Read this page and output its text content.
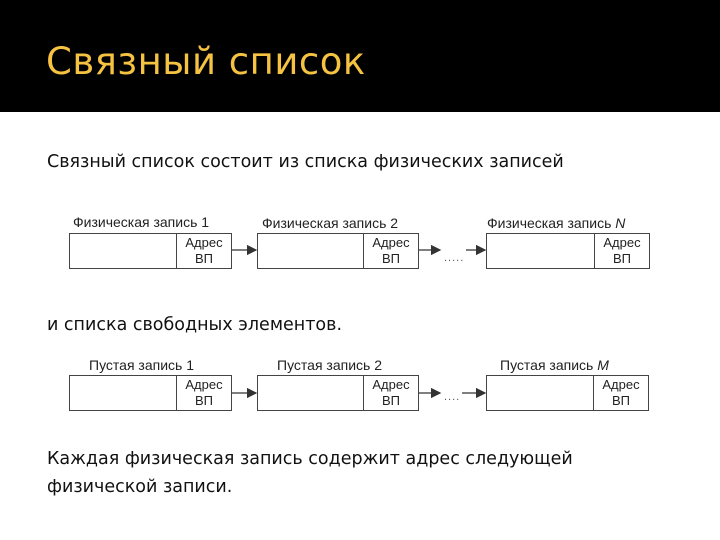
Связный список
Связный список состоит из списка физических записей
Физическая запись 1	Физическая запись 2	Физическая запись N
Адрес
ВП
Адрес
ВП
Адрес
ВП
.....
и списка свободных элементов.
Пустая запись 1	Пустая запись 2	Пустая запись M
Адрес
ВП
Адрес
ВП
Адрес
ВП
....
Каждая физическая запись содержит адрес следующей
физической записи.
